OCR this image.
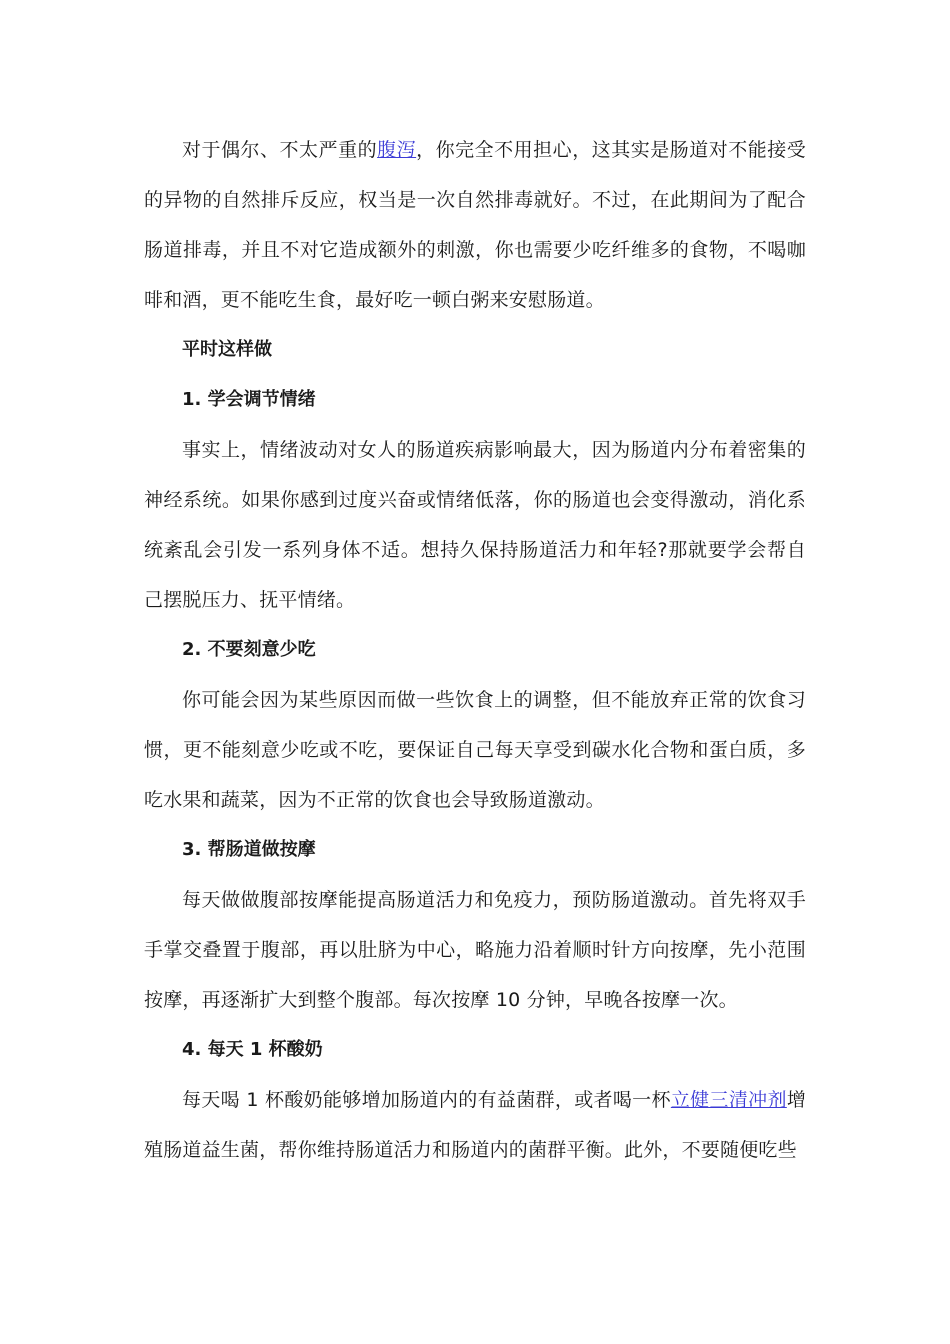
对于偶尔、不太严重的腹泻，你完全不用担心，这其实是肠道对不能接受的异物的自然排斥反应，权当是一次自然排毒就好。不过，在此期间为了配合肠道排毒，并且不对它造成额外的刺激，你也需要少吃纤维多的食物，不喝咖啡和酒，更不能吃生食，最好吃一顿白粥来安慰肠道。

平时这样做

1. 学会调节情绪

事实上，情绪波动对女人的肠道疾病影响最大，因为肠道内分布着密集的神经系统。如果你感到过度兴奋或情绪低落，你的肠道也会变得激动，消化系统紊乱会引发一系列身体不适。想持久保持肠道活力和年轻?那就要学会帮自己摆脱压力、抚平情绪。

2. 不要刻意少吃

你可能会因为某些原因而做一些饮食上的调整，但不能放弃正常的饮食习惯，更不能刻意少吃或不吃，要保证自己每天享受到碳水化合物和蛋白质，多吃水果和蔬菜，因为不正常的饮食也会导致肠道激动。

3. 帮肠道做按摩

每天做做腹部按摩能提高肠道活力和免疫力，预防肠道激动。首先将双手手掌交叠置于腹部，再以肚脐为中心，略施力沿着顺时针方向按摩，先小范围按摩，再逐渐扩大到整个腹部。每次按摩 10 分钟，早晚各按摩一次。

4. 每天 1 杯酸奶

每天喝 1 杯酸奶能够增加肠道内的有益菌群，或者喝一杯立健三清冲剂增殖肠道益生菌，帮你维持肠道活力和肠道内的菌群平衡。此外，不要随便吃些
